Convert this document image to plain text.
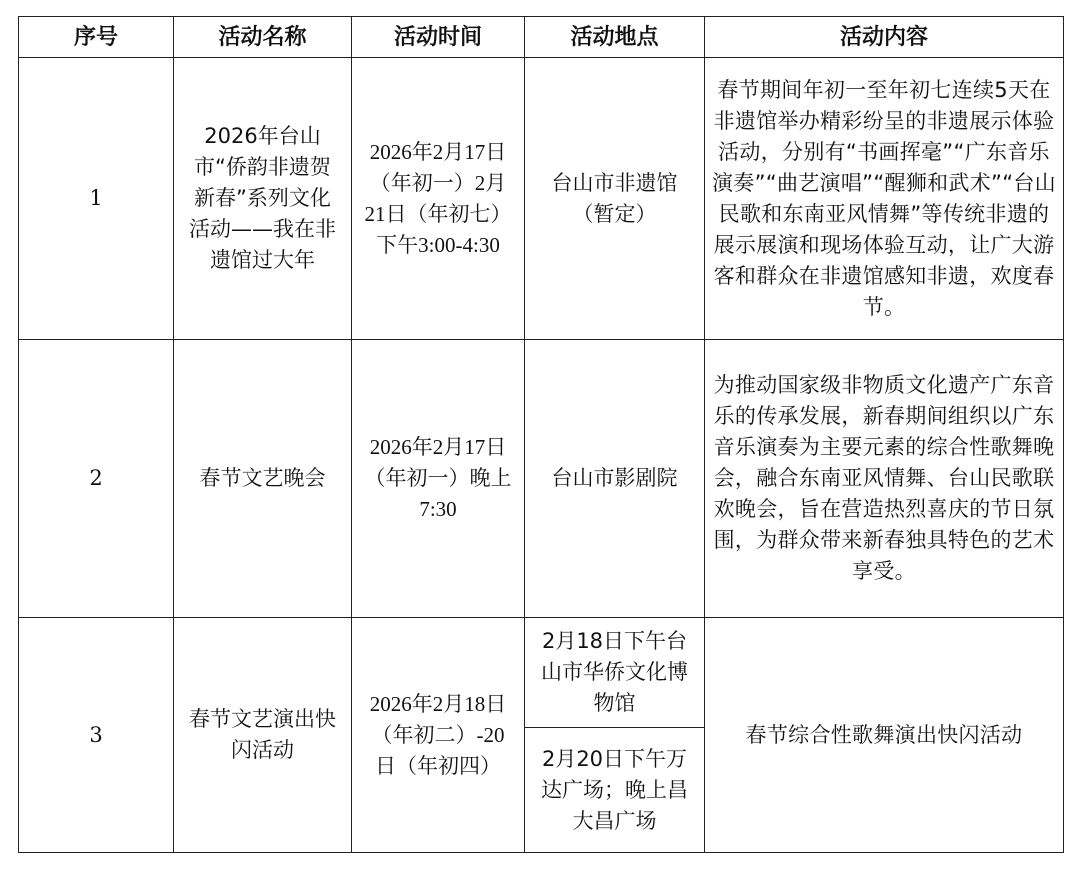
序号	活动名称	活动时间	活动地点	活动内容
1	2026年台山市“侨韵非遗贺新春”系列文化活动——我在非遗馆过大年	2026年2月17日（年初一）2月21日（年初七）下午3:00-4:30	台山市非遗馆（暂定）	春节期间年初一至年初七连续5天在非遗馆举办精彩纷呈的非遗展示体验活动，分别有“书画挥毫”“广东音乐演奏”“曲艺演唱”“醒狮和武术”“台山民歌和东南亚风情舞”等传统非遗的展示展演和现场体验互动，让广大游客和群众在非遗馆感知非遗，欢度春节。
2	春节文艺晚会	2026年2月17日（年初一）晚上7:30	台山市影剧院	为推动国家级非物质文化遗产广东音乐的传承发展，新春期间组织以广东音乐演奏为主要元素的综合性歌舞晚会，融合东南亚风情舞、台山民歌联欢晚会，旨在营造热烈喜庆的节日氛围，为群众带来新春独具特色的艺术享受。
3	春节文艺演出快闪活动	2026年2月18日（年初二）-20日（年初四）	2月18日下午台山市华侨文化博物馆	春节综合性歌舞演出快闪活动
			2月20日下午万达广场；晚上昌大昌广场	
